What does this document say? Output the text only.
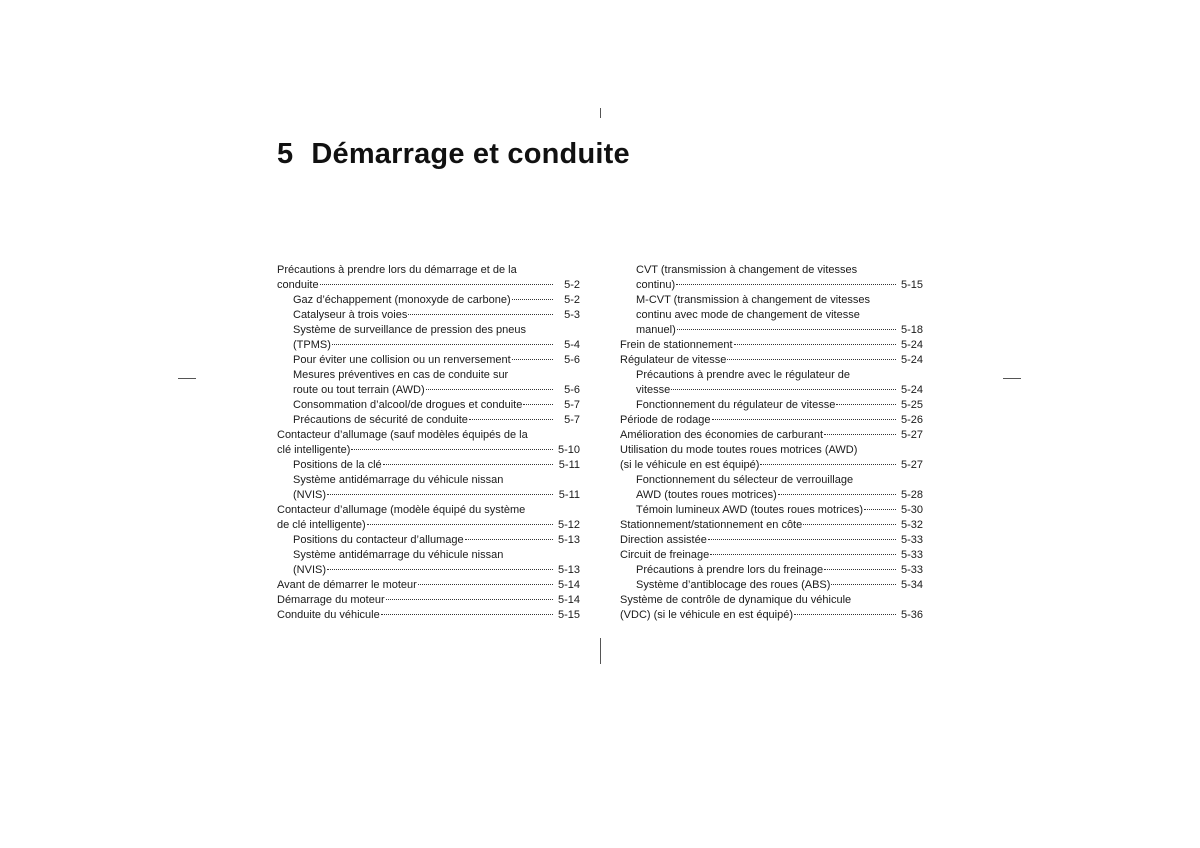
5 Démarrage et conduite
Précautions à prendre lors du démarrage et de la
conduite	5-2
Gaz d’échappement (monoxyde de carbone)	5-2
Catalyseur à trois voies	5-3
Système de surveillance de pression des pneus
(TPMS)	5-4
Pour éviter une collision ou un renversement	5-6
Mesures préventives en cas de conduite sur
route ou tout terrain (AWD)	5-6
Consommation d’alcool/de drogues et conduite	5-7
Précautions de sécurité de conduite	5-7
Contacteur d’allumage (sauf modèles équipés de la
clé intelligente)	5-10
Positions de la clé	5-11
Système antidémarrage du véhicule nissan
(NVIS)	5-11
Contacteur d’allumage (modèle équipé du système
de clé intelligente)	5-12
Positions du contacteur d’allumage	5-13
Système antidémarrage du véhicule nissan
(NVIS)	5-13
Avant de démarrer le moteur	5-14
Démarrage du moteur	5-14
Conduite du véhicule	5-15
CVT (transmission à changement de vitesses
continu)	5-15
M-CVT (transmission à changement de vitesses
continu avec mode de changement de vitesse
manuel)	5-18
Frein de stationnement	5-24
Régulateur de vitesse	5-24
Précautions à prendre avec le régulateur de
vitesse	5-24
Fonctionnement du régulateur de vitesse	5-25
Période de rodage	5-26
Amélioration des économies de carburant	5-27
Utilisation du mode toutes roues motrices (AWD)
(si le véhicule en est équipé)	5-27
Fonctionnement du sélecteur de verrouillage
AWD (toutes roues motrices)	5-28
Témoin lumineux AWD (toutes roues motrices)	5-30
Stationnement/stationnement en côte	5-32
Direction assistée	5-33
Circuit de freinage	5-33
Précautions à prendre lors du freinage	5-33
Système d’antiblocage des roues (ABS)	5-34
Système de contrôle de dynamique du véhicule
(VDC) (si le véhicule en est équipé)	5-36
